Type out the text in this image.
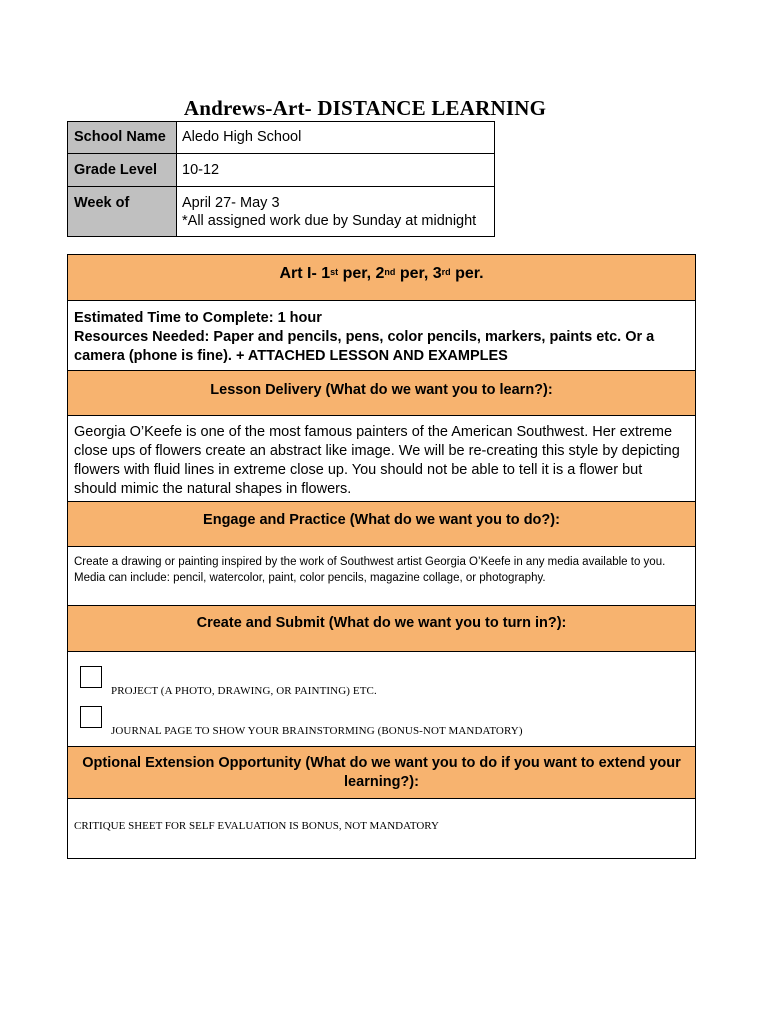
Andrews-Art- DISTANCE LEARNING
School Name	Aledo High School
Grade Level	10-12
Week of	April 27- May 3
*All assigned work due by Sunday at midnight
Art I- 1st per, 2nd per, 3rd per.
Estimated Time to Complete: 1 hour
Resources Needed: Paper and pencils, pens, color pencils, markers, paints etc. Or a camera (phone is fine). + ATTACHED LESSON AND EXAMPLES
Lesson Delivery (What do we want you to learn?):
Georgia O’Keefe is one of the most famous painters of the American Southwest. Her extreme close ups of flowers create an abstract like image. We will be re-creating this style by depicting flowers with fluid lines in extreme close up. You should not be able to tell it is a flower but should mimic the natural shapes in flowers.
Engage and Practice (What do we want you to do?):
Create a drawing or painting inspired by the work of Southwest artist Georgia O’Keefe in any media available to you. Media can include: pencil, watercolor, paint, color pencils, magazine collage, or photography.
Create and Submit (What do we want you to turn in?):
PROJECT (A PHOTO, DRAWING, OR PAINTING) ETC.
JOURNAL PAGE TO SHOW YOUR BRAINSTORMING (BONUS-NOT MANDATORY)
Optional Extension Opportunity (What do we want you to do if you want to extend your learning?):
CRITIQUE SHEET FOR SELF EVALUATION IS BONUS, NOT MANDATORY
